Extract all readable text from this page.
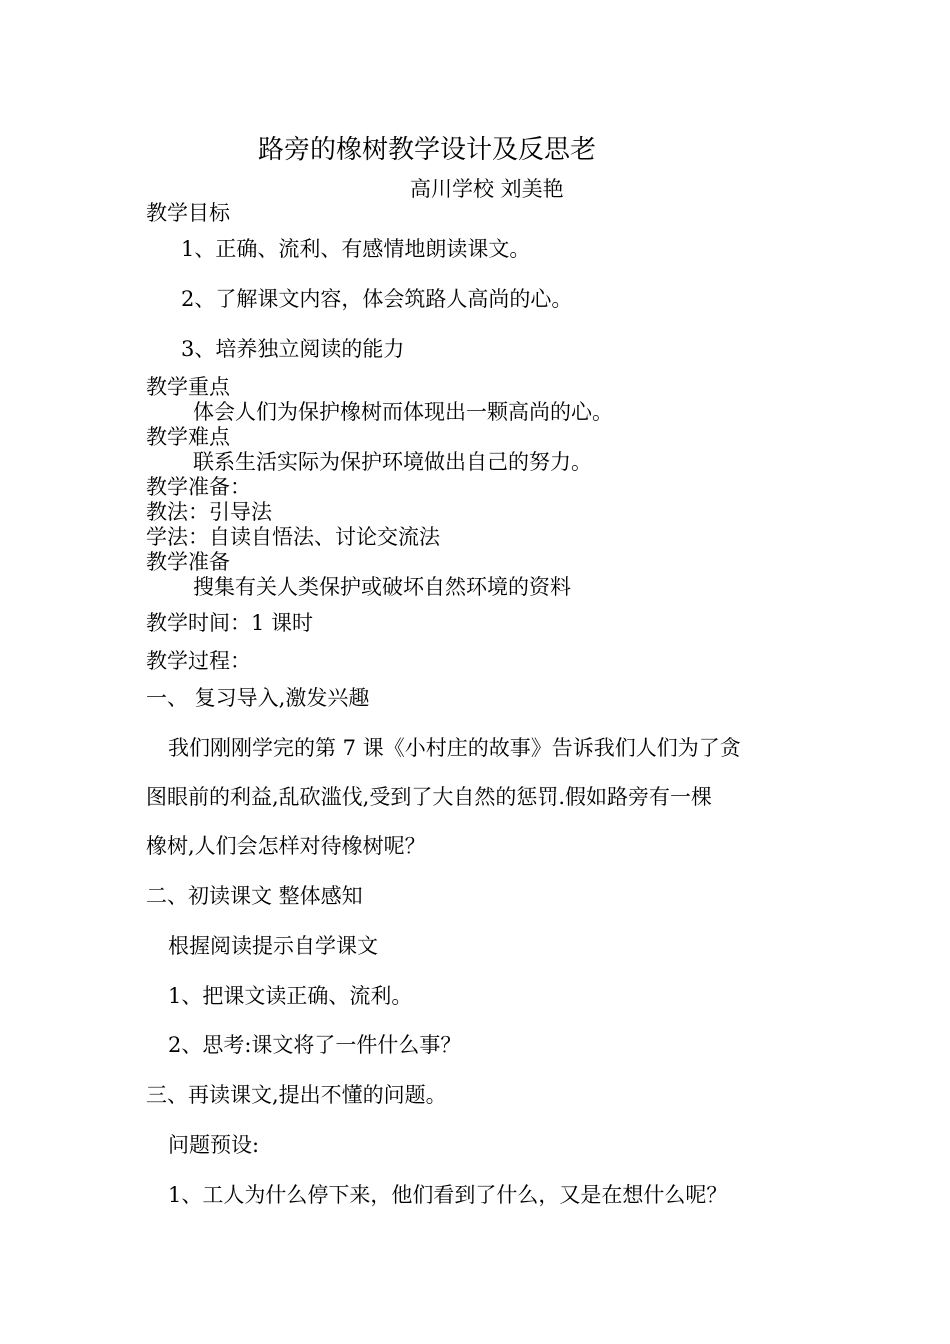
路旁的橡树教学设计及反思老
高川学校 刘美艳
教学目标
1、正确、流利、有感情地朗读课文。
2、了解课文内容，体会筑路人高尚的心。
3、培养独立阅读的能力
教学重点
体会人们为保护橡树而体现出一颗高尚的心。
教学难点
联系生活实际为保护环境做出自己的努力。
教学准备：
教法：引导法
学法：自读自悟法、讨论交流法
教学准备
搜集有关人类保护或破坏自然环境的资料
教学时间：1 课时
教学过程：
一、 复习导入,激发兴趣
我们刚刚学完的第 7 课《小村庄的故事》告诉我们人们为了贪
图眼前的利益,乱砍滥伐,受到了大自然的惩罚.假如路旁有一棵
橡树,人们会怎样对待橡树呢？
二、初读课文 整体感知
根握阅读提示自学课文
1、把课文读正确、流利。
2、思考:课文将了一件什么事？
三、再读课文,提出不懂的问题。
问题预设:
1、工人为什么停下来，他们看到了什么，又是在想什么呢？
